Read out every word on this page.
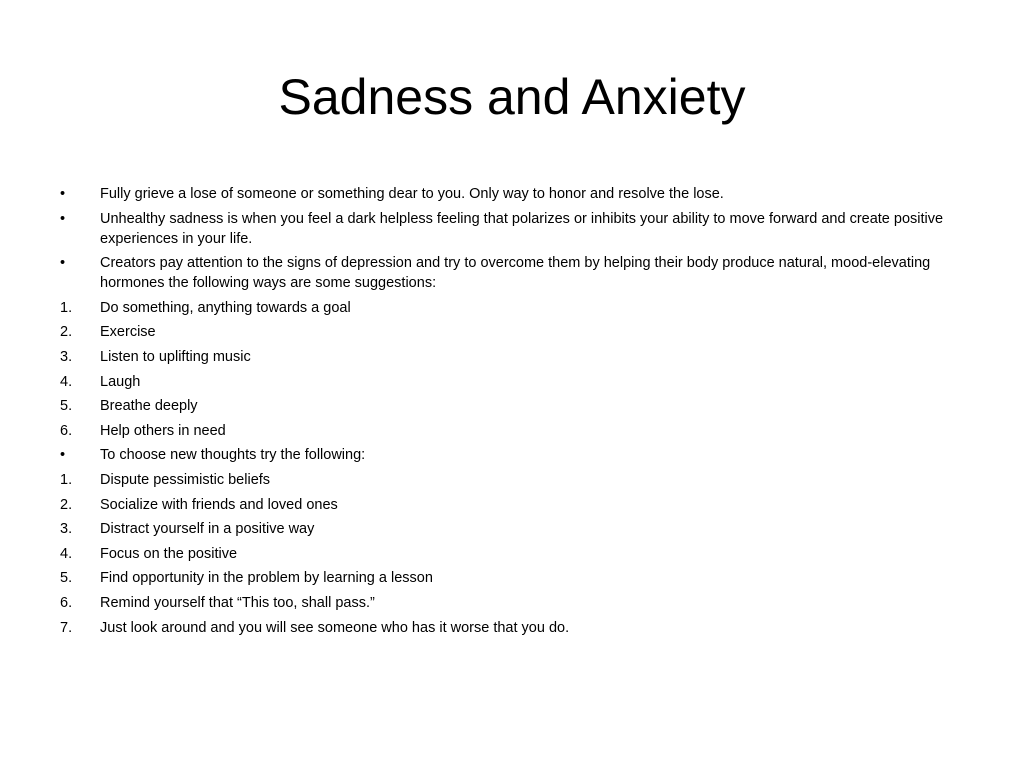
Sadness and Anxiety
•	Fully grieve a lose of someone or something dear to you. Only way to honor and resolve the lose.
•	Unhealthy sadness is when you feel a dark helpless feeling that polarizes or inhibits your ability to move forward and create positive experiences in your life.
•	Creators pay attention to the signs of depression and try to overcome them by helping their body produce natural, mood-elevating hormones the following ways are some suggestions:
1.	Do something, anything towards a goal
2.	Exercise
3.	Listen to uplifting music
4.	Laugh
5.	Breathe deeply
6.	Help others in need
•	To choose new thoughts try the following:
1.	Dispute pessimistic beliefs
2.	Socialize with friends and loved ones
3.	Distract yourself in a positive way
4.	Focus on the positive
5.	Find opportunity in the problem by learning a lesson
6.	Remind yourself that “This too, shall pass.”
7.	Just look around and you will see someone who has it worse that you do.
